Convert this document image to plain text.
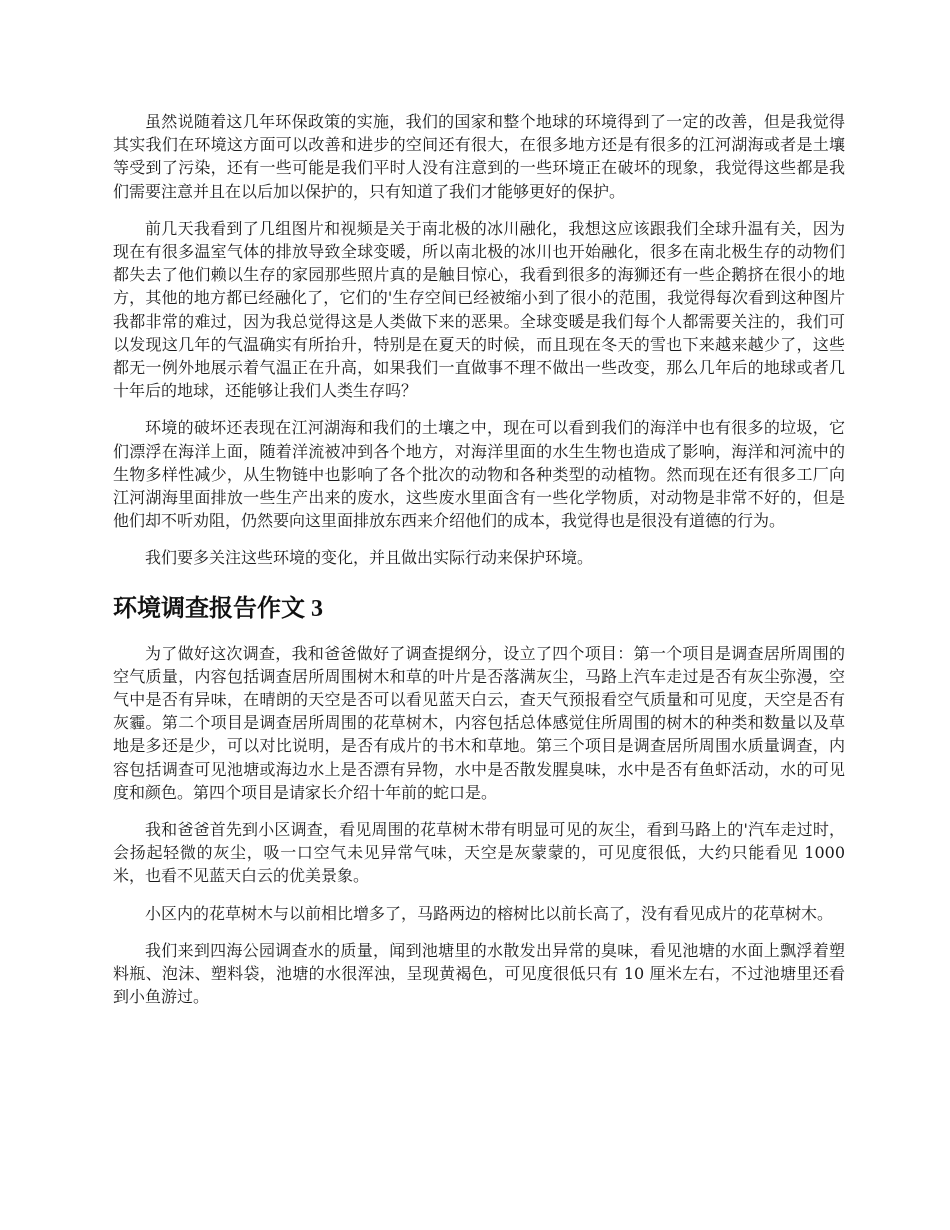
虽然说随着这几年环保政策的实施，我们的国家和整个地球的环境得到了一定的改善，但是我觉得其实我们在环境这方面可以改善和进步的空间还有很大，在很多地方还是有很多的江河湖海或者是土壤等受到了污染，还有一些可能是我们平时人没有注意到的一些环境正在破坏的现象，我觉得这些都是我们需要注意并且在以后加以保护的，只有知道了我们才能够更好的保护。

前几天我看到了几组图片和视频是关于南北极的冰川融化，我想这应该跟我们全球升温有关，因为现在有很多温室气体的排放导致全球变暖，所以南北极的冰川也开始融化，很多在南北极生存的动物们都失去了他们赖以生存的家园那些照片真的是触目惊心，我看到很多的海狮还有一些企鹅挤在很小的地方，其他的地方都已经融化了，它们的'生存空间已经被缩小到了很小的范围，我觉得每次看到这种图片我都非常的难过，因为我总觉得这是人类做下来的恶果。全球变暖是我们每个人都需要关注的，我们可以发现这几年的气温确实有所抬升，特别是在夏天的时候，而且现在冬天的雪也下来越来越少了，这些都无一例外地展示着气温正在升高，如果我们一直做事不理不做出一些改变，那么几年后的地球或者几十年后的地球，还能够让我们人类生存吗？

环境的破坏还表现在江河湖海和我们的土壤之中，现在可以看到我们的海洋中也有很多的垃圾，它们漂浮在海洋上面，随着洋流被冲到各个地方，对海洋里面的水生生物也造成了影响，海洋和河流中的生物多样性减少，从生物链中也影响了各个批次的动物和各种类型的动植物。然而现在还有很多工厂向江河湖海里面排放一些生产出来的废水，这些废水里面含有一些化学物质，对动物是非常不好的，但是他们却不听劝阻，仍然要向这里面排放东西来介绍他们的成本，我觉得也是很没有道德的行为。

我们要多关注这些环境的变化，并且做出实际行动来保护环境。

环境调查报告作文 3

为了做好这次调查，我和爸爸做好了调查提纲分，设立了四个项目：第一个项目是调查居所周围的空气质量，内容包括调查居所周围树木和草的叶片是否落满灰尘，马路上汽车走过是否有灰尘弥漫，空气中是否有异味，在晴朗的天空是否可以看见蓝天白云，查天气预报看空气质量和可见度，天空是否有灰霾。第二个项目是调查居所周围的花草树木，内容包括总体感觉住所周围的树木的种类和数量以及草地是多还是少，可以对比说明，是否有成片的书木和草地。第三个项目是调查居所周围水质量调查，内容包括调查可见池塘或海边水上是否漂有异物，水中是否散发腥臭味，水中是否有鱼虾活动，水的可见度和颜色。第四个项目是请家长介绍十年前的蛇口是。

我和爸爸首先到小区调查，看见周围的花草树木带有明显可见的灰尘，看到马路上的'汽车走过时，会扬起轻微的灰尘，吸一口空气未见异常气味，天空是灰蒙蒙的，可见度很低，大约只能看见 1000 米，也看不见蓝天白云的优美景象。

小区内的花草树木与以前相比增多了，马路两边的榕树比以前长高了，没有看见成片的花草树木。

我们来到四海公园调查水的质量，闻到池塘里的水散发出异常的臭味，看见池塘的水面上飘浮着塑料瓶、泡沫、塑料袋，池塘的水很浑浊，呈现黄褐色，可见度很低只有 10 厘米左右，不过池塘里还看到小鱼游过。
